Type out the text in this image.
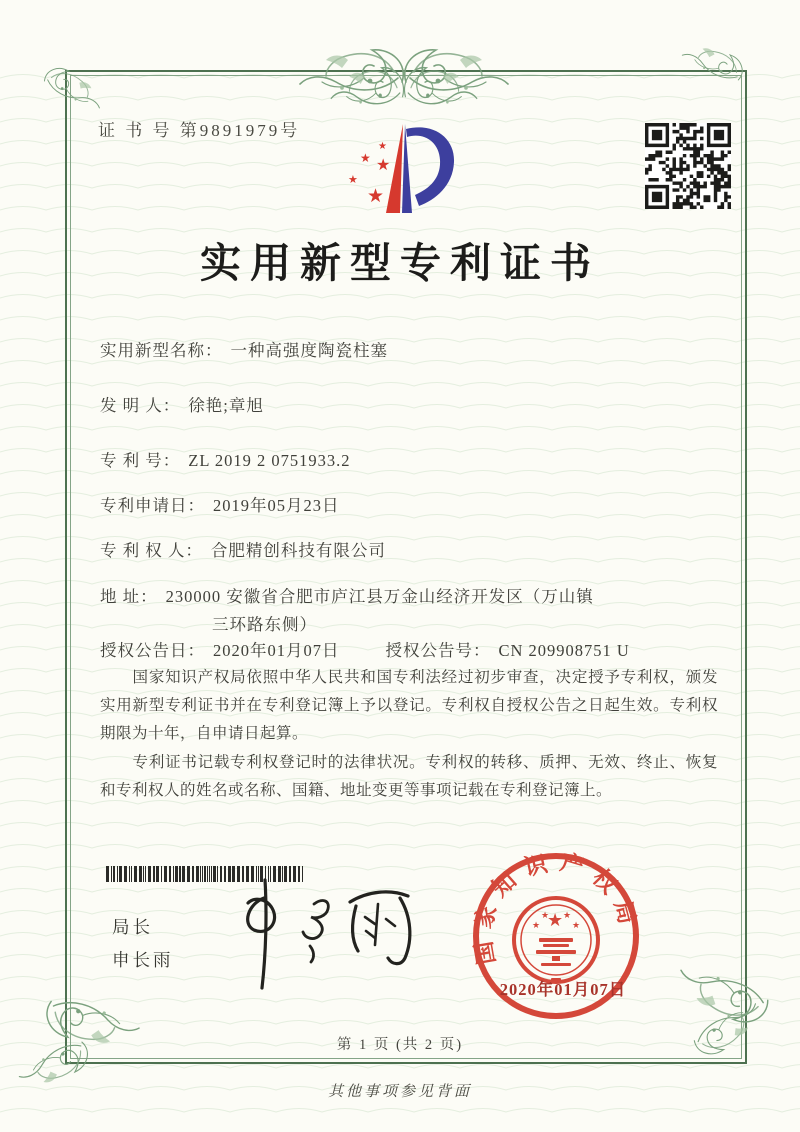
证 书 号 第9891979号
★
★ ★
★
★
实用新型专利证书
实用新型名称： 一种高强度陶瓷柱塞
发 明 人： 徐艳;章旭
专 利 号： ZL 2019 2 0751933.2
专利申请日： 2019年05月23日
专 利 权 人： 合肥精创科技有限公司
地 址： 230000 安徽省合肥市庐江县万金山经济开发区（万山镇
三环路东侧）
授权公告日： 2020年01月07日	授权公告号： CN 209908751 U

国家知识产权局依照中华人民共和国专利法经过初步审查，决定授予专利权，颁发实用新型专利证书并在专利登记簿上予以登记。专利权自授权公告之日起生效。专利权期限为十年，自申请日起算。

专利证书记载专利权登记时的法律状况。专利权的转移、质押、无效、终止、恢复和专利权人的姓名或名称、国籍、地址变更等事项记载在专利登记簿上。

局长
申长雨	国家知识产权局
★
★
★ ★
★
2020年01月07日
第 1 页 (共 2 页)
其他事项参见背面
